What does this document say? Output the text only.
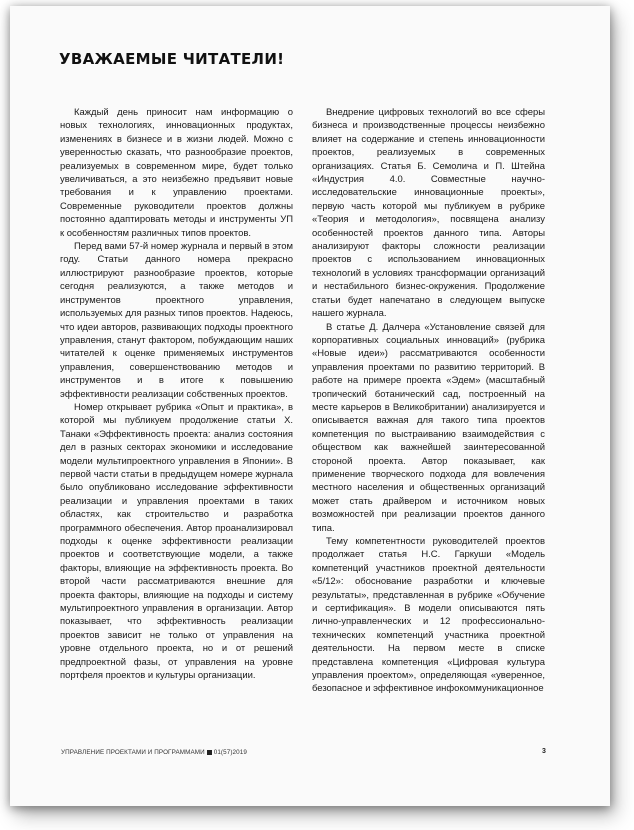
УВАЖАЕМЫЕ ЧИТАТЕЛИ!

Каждый день приносит нам информацию о новых технологиях, инновационных продуктах, изменениях в бизнесе и в жизни людей. Можно с уверенностью сказать, что разнообразие проектов, реализуемых в современном мире, будет только увеличиваться, а это неизбежно предъявит новые требования и к управлению проектами. Современные руководители проектов должны постоянно адаптировать методы и инструменты УП к особенностям различных типов проектов.

Перед вами 57-й номер журнала и первый в этом году. Статьи данного номера прекрасно иллюстрируют разнообразие проектов, которые сегодня реализуются, а также методов и инструментов проектного управления, используемых для разных типов проектов. Надеюсь, что идеи авторов, развивающих подходы проектного управления, станут фактором, побуждающим наших читателей к оценке применяемых инструментов управления, совершенствованию методов и инструментов и в итоге к повышению эффективности реализации собственных проектов.

Номер открывает рубрика «Опыт и практика», в которой мы публикуем продолжение статьи Х. Танаки «Эффективность проекта: анализ состояния дел в разных секторах экономики и исследование модели мультипроектного управления в Японии». В первой части статьи в предыдущем номере журнала было опубликовано исследование эффективности реализации и управления проектами в таких областях, как строительство и разработка программного обеспечения. Автор проанализировал подходы к оценке эффективности реализации проектов и соответствующие модели, а также факторы, влияющие на эффективность проекта. Во второй части рассматриваются внешние для проекта факторы, влияющие на подходы и систему мультипроектного управления в организации. Автор показывает, что эффективность реализации проектов зависит не только от управления на уровне отдельного проекта, но и от решений предпроектной фазы, от управления на уровне портфеля проектов и культуры организации.

Внедрение цифровых технологий во все сферы бизнеса и производственные процессы неизбежно влияет на содержание и степень инновационности проектов, реализуемых в современных организациях. Статья Б. Семолича и П. Штейна «Индустрия 4.0. Совместные научно-исследовательские инновационные проекты», первую часть которой мы публикуем в рубрике «Теория и методология», посвящена анализу особенностей проектов данного типа. Авторы анализируют факторы сложности реализации проектов с использованием инновационных технологий в условиях трансформации организаций и нестабильного бизнес-окружения. Продолжение статьи будет напечатано в следующем выпуске нашего журнала.

В статье Д. Далчера «Установление связей для корпоративных социальных инноваций» (рубрика «Новые идеи») рассматриваются особенности управления проектами по развитию территорий. В работе на примере проекта «Эдем» (масштабный тропический ботанический сад, построенный на месте карьеров в Великобритании) анализируется и описывается важная для такого типа проектов компетенция по выстраиванию взаимодействия с обществом как важнейшей заинтересованной стороной проекта. Автор показывает, как применение творческого подхода для вовлечения местного населения и общественных организаций может стать драйвером и источником новых возможностей при реализации проектов данного типа.

Тему компетентности руководителей проектов продолжает статья Н.С. Гаркуши «Модель компетенций участников проектной деятельности «5/12»: обоснование разработки и ключевые результаты», представленная в рубрике «Обучение и сертификация». В модели описываются пять лично-управленческих и 12 профессионально-технических компетенций участника проектной деятельности. На первом месте в списке представлена компетенция «Цифровая культура управления проектом», определяющая «уверенное, безопасное и эффективное инфокоммуникационное

УПРАВЛЕНИЕ ПРОЕКТАМИ И ПРОГРАММАМИ 01(57)2019	3
